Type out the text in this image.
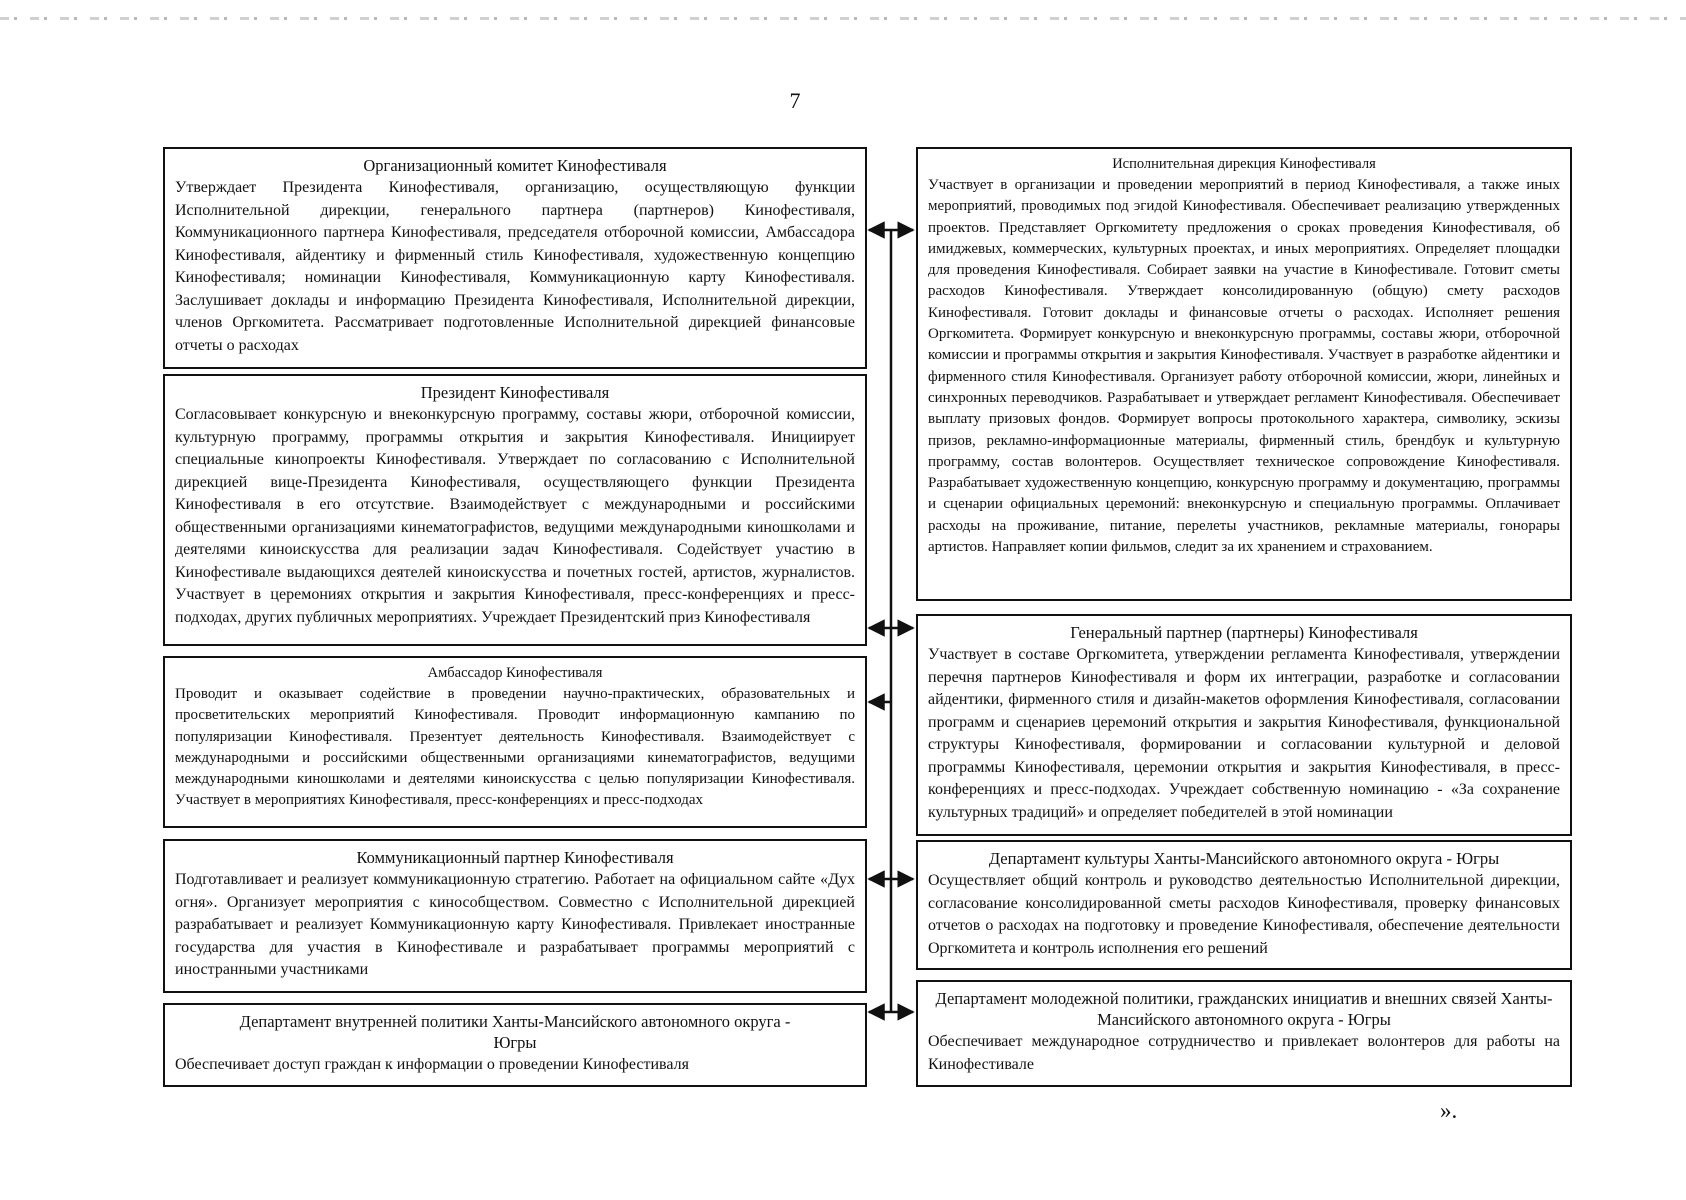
7
Организационный комитет Кинофестиваля
Утверждает Президента Кинофестиваля, организацию, осуществляющую функции Исполнительной дирекции, генерального партнера (партнеров) Кинофестиваля, Коммуникационного партнера Кинофестиваля, председателя отборочной комиссии, Амбассадора Кинофестиваля, айдентику и фирменный стиль Кинофестиваля, художественную концепцию Кинофестиваля; номинации Кинофестиваля, Коммуникационную карту Кинофестиваля. Заслушивает доклады и информацию Президента Кинофестиваля, Исполнительной дирекции, членов Оргкомитета. Рассматривает подготовленные Исполнительной дирекцией финансовые отчеты о расходах
Президент Кинофестиваля
Согласовывает конкурсную и внеконкурсную программу, составы жюри, отборочной комиссии, культурную программу, программы открытия и закрытия Кинофестиваля. Инициирует специальные кинопроекты Кинофестиваля. Утверждает по согласованию с Исполнительной дирекцией вице-Президента Кинофестиваля, осуществляющего функции Президента Кинофестиваля в его отсутствие. Взаимодействует с международными и российскими общественными организациями кинематографистов, ведущими международными киношколами и деятелями киноискусства для реализации задач Кинофестиваля. Содействует участию в Кинофестивале выдающихся деятелей киноискусства и почетных гостей, артистов, журналистов. Участвует в церемониях открытия и закрытия Кинофестиваля, пресс-конференциях и пресс-подходах, других публичных мероприятиях. Учреждает Президентский приз Кинофестиваля
Амбассадор Кинофестиваля
Проводит и оказывает содействие в проведении научно-практических, образовательных и просветительских мероприятий Кинофестиваля. Проводит информационную кампанию по популяризации Кинофестиваля. Презентует деятельность Кинофестиваля. Взаимодействует с международными и российскими общественными организациями кинематографистов, ведущими международными киношколами и деятелями киноискусства с целью популяризации Кинофестиваля. Участвует в мероприятиях Кинофестиваля, пресс-конференциях и пресс-подходах
Коммуникационный партнер Кинофестиваля
Подготавливает и реализует коммуникационную стратегию. Работает на официальном сайте «Дух огня». Организует мероприятия с кинособществом. Совместно с Исполнительной дирекцией разрабатывает и реализует Коммуникационную карту Кинофестиваля. Привлекает иностранные государства для участия в Кинофестивале и разрабатывает программы мероприятий с иностранными участниками
Департамент внутренней политики Ханты-Мансийского автономного округа - Югры
Обеспечивает доступ граждан к информации о проведении Кинофестиваля
Исполнительная дирекция Кинофестиваля
Участвует в организации и проведении мероприятий в период Кинофестиваля, а также иных мероприятий, проводимых под эгидой Кинофестиваля. Обеспечивает реализацию утвержденных проектов. Представляет Оргкомитету предложения о сроках проведения Кинофестиваля, об имиджевых, коммерческих, культурных проектах, и иных мероприятиях. Определяет площадки для проведения Кинофестиваля. Собирает заявки на участие в Кинофестивале. Готовит сметы расходов Кинофестиваля. Утверждает консолидированную (общую) смету расходов Кинофестиваля. Готовит доклады и финансовые отчеты о расходах. Исполняет решения Оргкомитета. Формирует конкурсную и внеконкурсную программы, составы жюри, отборочной комиссии и программы открытия и закрытия Кинофестиваля. Участвует в разработке айдентики и фирменного стиля Кинофестиваля. Организует работу отборочной комиссии, жюри, линейных и синхронных переводчиков. Разрабатывает и утверждает регламент Кинофестиваля. Обеспечивает выплату призовых фондов. Формирует вопросы протокольного характера, символику, эскизы призов, рекламно-информационные материалы, фирменный стиль, брендбук и культурную программу, состав волонтеров. Осуществляет техническое сопровождение Кинофестиваля. Разрабатывает художественную концепцию, конкурсную программу и документацию, программы и сценарии официальных церемоний: внеконкурсную и специальную программы. Оплачивает расходы на проживание, питание, перелеты участников, рекламные материалы, гонорары артистов. Направляет копии фильмов, следит за их хранением и страхованием.
Генеральный партнер (партнеры) Кинофестиваля
Участвует в составе Оргкомитета, утверждении регламента Кинофестиваля, утверждении перечня партнеров Кинофестиваля и форм их интеграции, разработке и согласовании айдентики, фирменного стиля и дизайн-макетов оформления Кинофестиваля, согласовании программ и сценариев церемоний открытия и закрытия Кинофестиваля, функциональной структуры Кинофестиваля, формировании и согласовании культурной и деловой программы Кинофестиваля, церемонии открытия и закрытия Кинофестиваля, в пресс-конференциях и пресс-подходах. Учреждает собственную номинацию - «За сохранение культурных традиций» и определяет победителей в этой номинации
Департамент культуры Ханты-Мансийского автономного округа - Югры
Осуществляет общий контроль и руководство деятельностью Исполнительной дирекции, согласование консолидированной сметы расходов Кинофестиваля, проверку финансовых отчетов о расходах на подготовку и проведение Кинофестиваля, обеспечение деятельности Оргкомитета и контроль исполнения его решений
Департамент молодежной политики, гражданских инициатив и внешних связей Ханты-Мансийского автономного округа - Югры
Обеспечивает международное сотрудничество и привлекает волонтеров для работы на Кинофестивале
».
